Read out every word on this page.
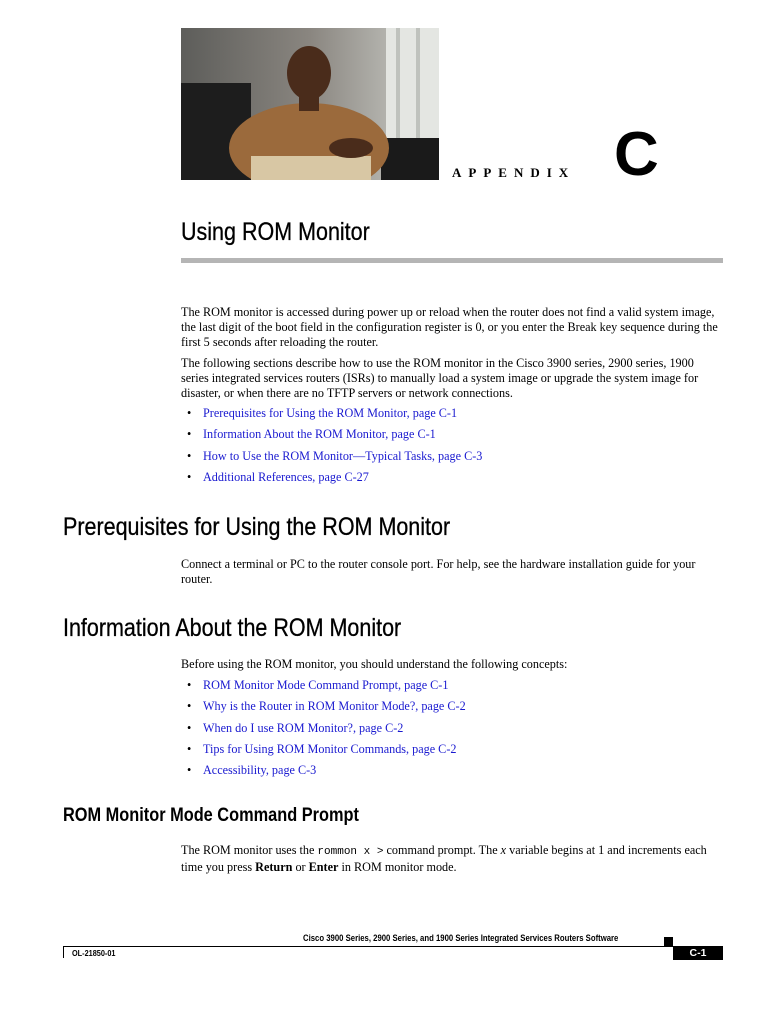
APPENDIX C
Using ROM Monitor

The ROM monitor is accessed during power up or reload when the router does not find a valid system image, the last digit of the boot field in the configuration register is 0, or you enter the Break key sequence during the first 5 seconds after reloading the router.

The following sections describe how to use the ROM monitor in the Cisco 3900 series, 2900 series, 1900 series integrated services routers (ISRs) to manually load a system image or upgrade the system image for disaster, or when there are no TFTP servers or network connections.

• Prerequisites for Using the ROM Monitor, page C-1
• Information About the ROM Monitor, page C-1
• How to Use the ROM Monitor—Typical Tasks, page C-3
• Additional References, page C-27
Prerequisites for Using the ROM Monitor
Connect a terminal or PC to the router console port. For help, see the hardware installation guide for your router.
Information About the ROM Monitor
Before using the ROM monitor, you should understand the following concepts:
• ROM Monitor Mode Command Prompt, page C-1
• Why is the Router in ROM Monitor Mode?, page C-2
• When do I use ROM Monitor?, page C-2
• Tips for Using ROM Monitor Commands, page C-2
• Accessibility, page C-3
ROM Monitor Mode Command Prompt
The ROM monitor uses the rommon x > command prompt. The x variable begins at 1 and increments each time you press Return or Enter in ROM monitor mode.
Cisco 3900 Series, 2900 Series, and 1900 Series Integrated Services Routers Software
OL-21850-01	C-1
